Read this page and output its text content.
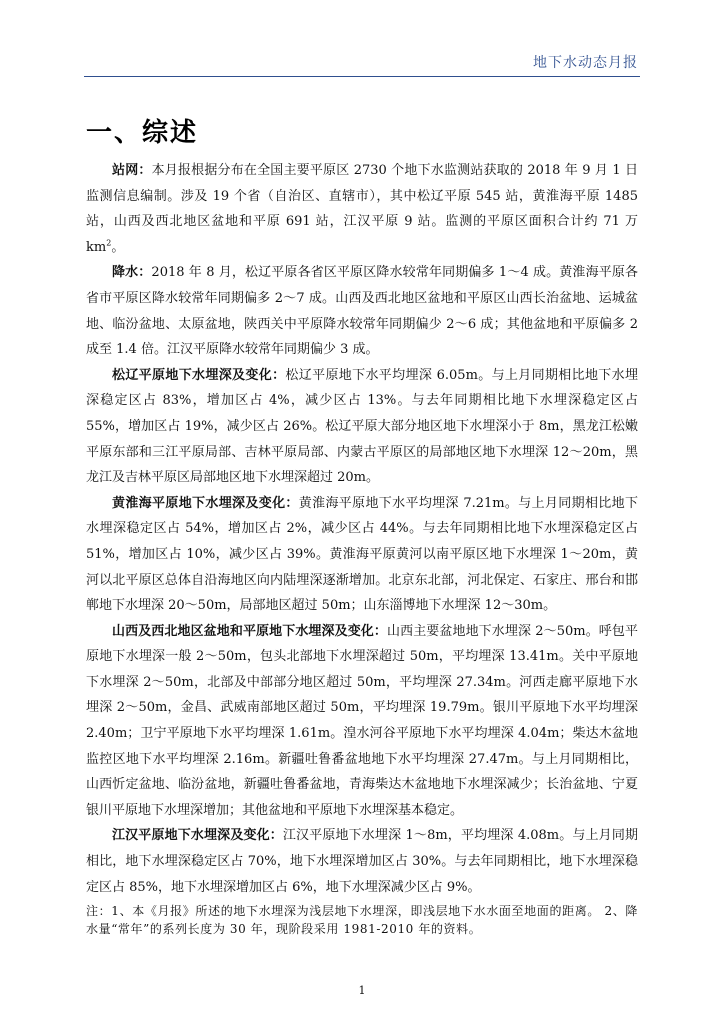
地下水动态月报
一、综述

站网：本月报根据分布在全国主要平原区 2730 个地下水监测站获取的 2018 年 9 月 1 日监测信息编制。涉及 19 个省（自治区、直辖市），其中松辽平原 545 站，黄淮海平原 1485 站，山西及西北地区盆地和平原 691 站，江汉平原 9 站。监测的平原区面积合计约 71 万 $km^2$。

降水：2018 年 8 月，松辽平原各省区平原区降水较常年同期偏多 1～4 成。黄淮海平原各省市平原区降水较常年同期偏多 2～7 成。山西及西北地区盆地和平原区山西长治盆地、运城盆地、临汾盆地、太原盆地，陕西关中平原降水较常年同期偏少 2～6 成；其他盆地和平原偏多 2 成至 1.4 倍。江汉平原降水较常年同期偏少 3 成。

松辽平原地下水埋深及变化：松辽平原地下水平均埋深 6.05m。与上月同期相比地下水埋深稳定区占 83%，增加区占 4%，减少区占 13%。与去年同期相比地下水埋深稳定区占 55%，增加区占 19%，减少区占 26%。松辽平原大部分地区地下水埋深小于 8m，黑龙江松嫩平原东部和三江平原局部、吉林平原局部、内蒙古平原区的局部地区地下水埋深 12～20m，黑龙江及吉林平原区局部地区地下水埋深超过 20m。

黄淮海平原地下水埋深及变化：黄淮海平原地下水平均埋深 7.21m。与上月同期相比地下水埋深稳定区占 54%，增加区占 2%，减少区占 44%。与去年同期相比地下水埋深稳定区占 51%，增加区占 10%，减少区占 39%。黄淮海平原黄河以南平原区地下水埋深 1～20m，黄河以北平原区总体自沿海地区向内陆埋深逐渐增加。北京东北部，河北保定、石家庄、邢台和邯郸地下水埋深 20～50m，局部地区超过 50m；山东淄博地下水埋深 12～30m。

山西及西北地区盆地和平原地下水埋深及变化：山西主要盆地地下水埋深 2～50m。呼包平原地下水埋深一般 2～50m，包头北部地下水埋深超过 50m，平均埋深 13.41m。关中平原地下水埋深 2～50m，北部及中部部分地区超过 50m，平均埋深 27.34m。河西走廊平原地下水埋深 2～50m，金昌、武威南部地区超过 50m，平均埋深 19.79m。银川平原地下水平均埋深 2.40m；卫宁平原地下水平均埋深 1.61m。湟水河谷平原地下水平均埋深 4.04m；柴达木盆地监控区地下水平均埋深 2.16m。新疆吐鲁番盆地地下水平均埋深 27.47m。与上月同期相比，山西忻定盆地、临汾盆地，新疆吐鲁番盆地，青海柴达木盆地地下水埋深减少；长治盆地、宁夏银川平原地下水埋深增加；其他盆地和平原地下水埋深基本稳定。

江汉平原地下水埋深及变化：江汉平原地下水埋深 1～8m，平均埋深 4.08m。与上月同期相比，地下水埋深稳定区占 70%，地下水埋深增加区占 30%。与去年同期相比，地下水埋深稳定区占 85%，地下水埋深增加区占 6%，地下水埋深减少区占 9%。

注：1、本《月报》所述的地下水埋深为浅层地下水埋深，即浅层地下水水面至地面的距离。 2、降水量“常年”的系列长度为 30 年，现阶段采用 1981-2010 年的资料。

1
